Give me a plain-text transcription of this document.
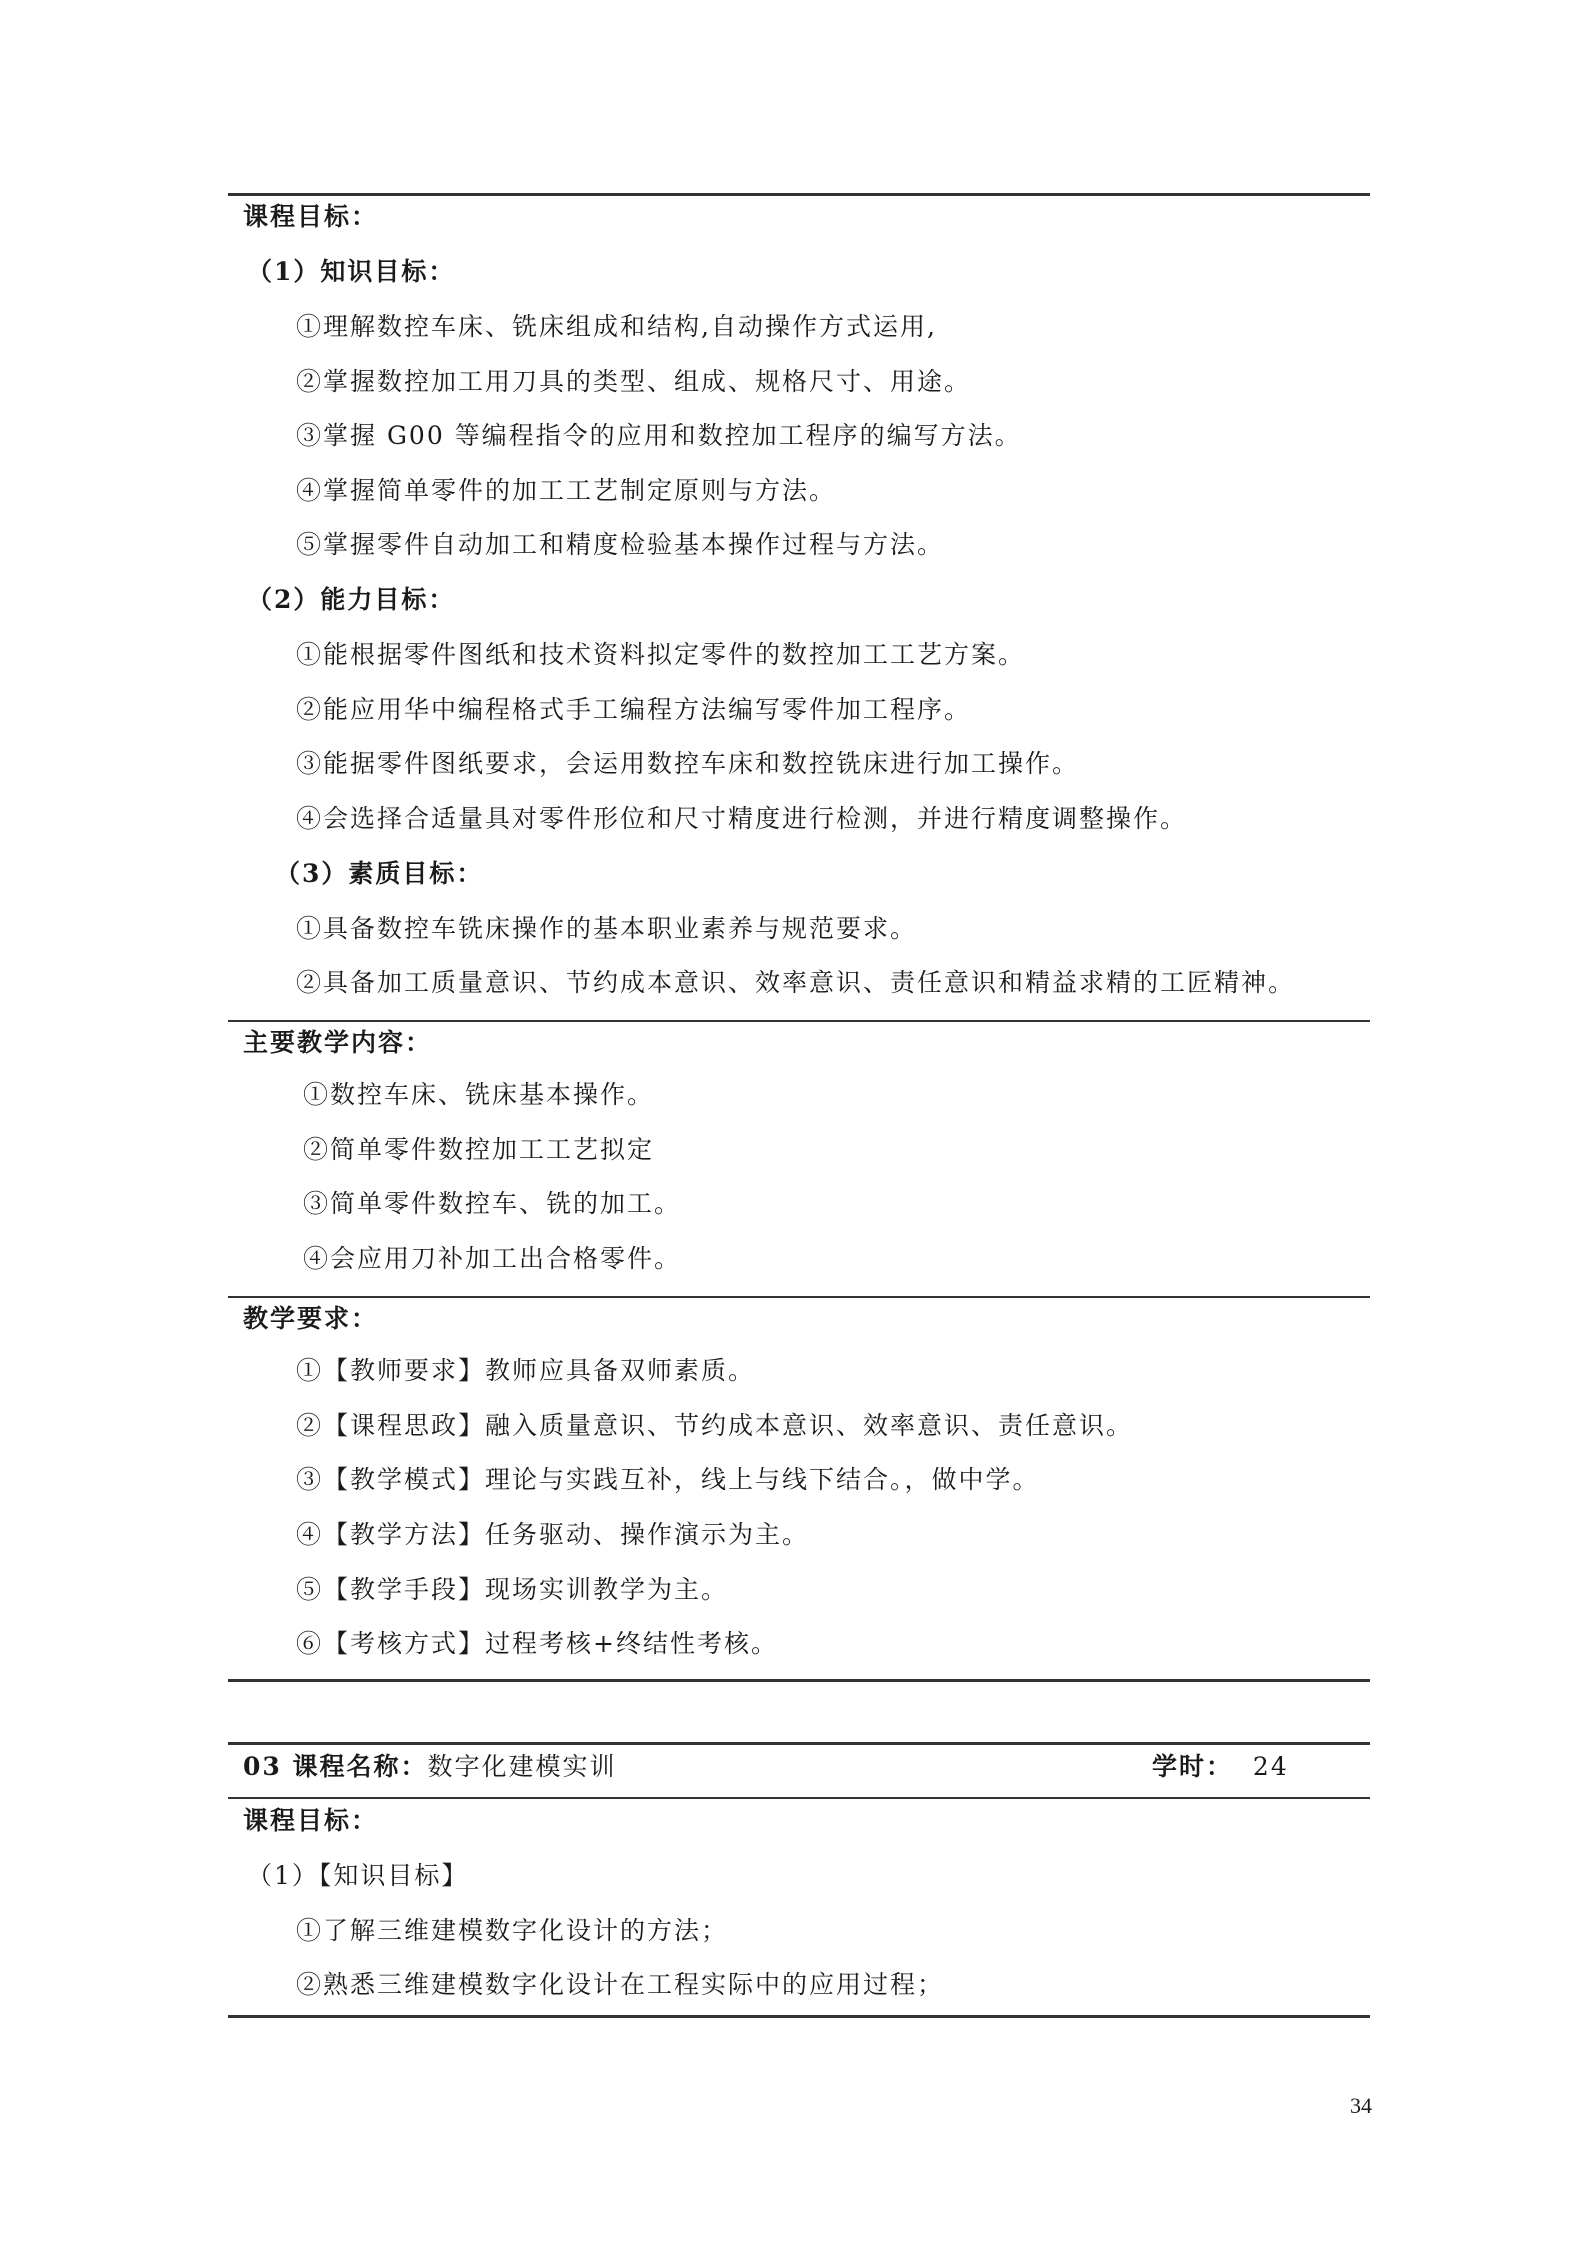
课程目标：
（1）知识目标：
①理解数控车床、铣床组成和结构,自动操作方式运用,
②掌握数控加工用刀具的类型、组成、规格尺寸、用途。
③掌握 G00 等编程指令的应用和数控加工程序的编写方法。
④掌握简单零件的加工工艺制定原则与方法。
⑤掌握零件自动加工和精度检验基本操作过程与方法。
（2）能力目标：
①能根据零件图纸和技术资料拟定零件的数控加工工艺方案。
②能应用华中编程格式手工编程方法编写零件加工程序。
③能据零件图纸要求，会运用数控车床和数控铣床进行加工操作。
④会选择合适量具对零件形位和尺寸精度进行检测，并进行精度调整操作。
（3）素质目标：
①具备数控车铣床操作的基本职业素养与规范要求。
②具备加工质量意识、节约成本意识、效率意识、责任意识和精益求精的工匠精神。
主要教学内容：
①数控车床、铣床基本操作。
②简单零件数控加工工艺拟定
③简单零件数控车、铣的加工。
④会应用刀补加工出合格零件。
教学要求：
①【教师要求】教师应具备双师素质。
②【课程思政】融入质量意识、节约成本意识、效率意识、责任意识。
③【教学模式】理论与实践互补，线上与线下结合。，做中学。
④【教学方法】任务驱动、操作演示为主。
⑤【教学手段】现场实训教学为主。
⑥【考核方式】过程考核+终结性考核。
03 课程名称：数字化建模实训	学时： 24
课程目标：
（1）【知识目标】
①了解三维建模数字化设计的方法；
②熟悉三维建模数字化设计在工程实际中的应用过程；
34
